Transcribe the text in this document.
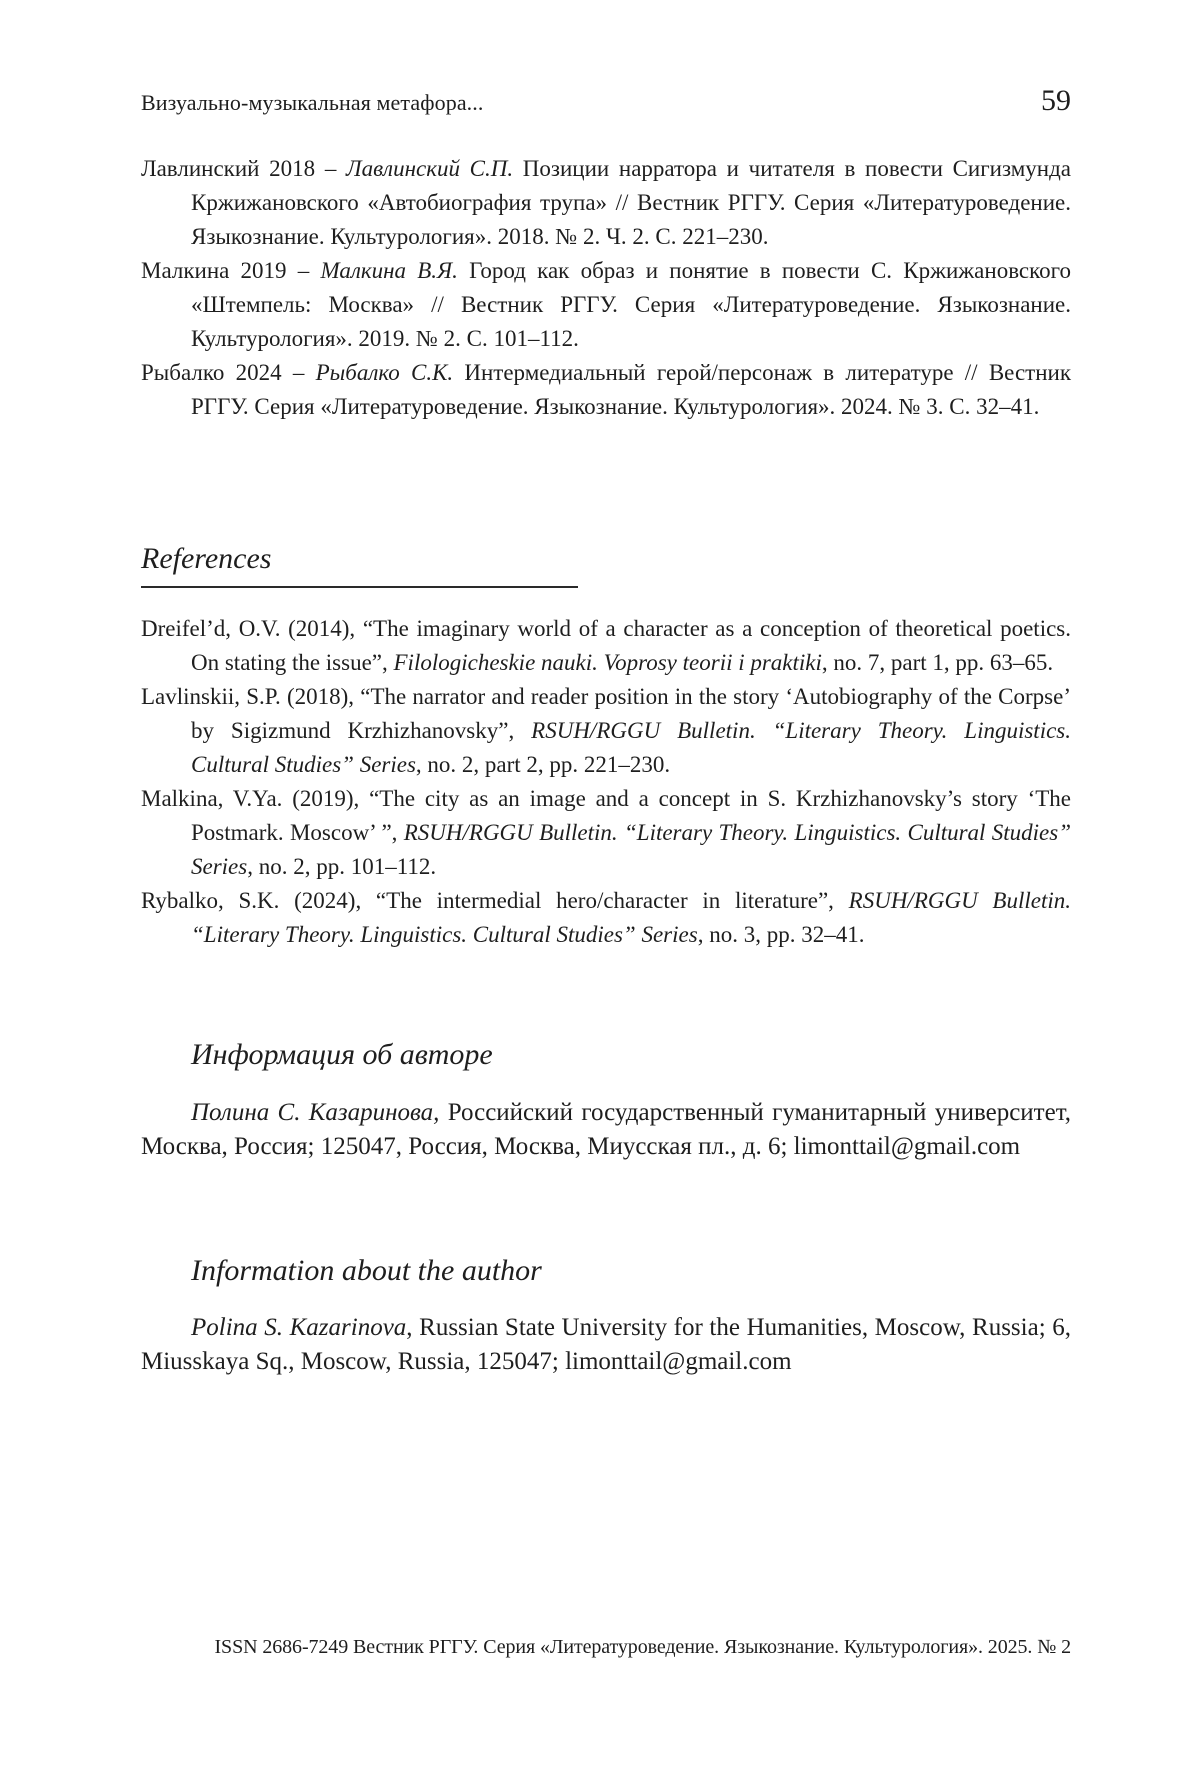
Визуально-музыкальная метафора...	59

Лавлинский 2018 – Лавлинский С.П. Позиции нарратора и читателя в повести Сигизмунда Кржижановского «Автобиография трупа» // Вестник РГГУ. Серия «Литературоведение. Языкознание. Культурология». 2018. № 2. Ч. 2. С. 221–230.

Малкина 2019 – Малкина В.Я. Город как образ и понятие в повести С. Кржи­жановского «Штемпель: Москва» // Вестник РГГУ. Серия «Литературоведение. Языкознание. Культурология». 2019. № 2. С. 101–112.

Рыбалко 2024 – Рыбалко С.К. Интермедиальный герой/персонаж в литературе // Вестник РГГУ. Серия «Литературоведение. Языкознание. Культурология». 2024. № 3. С. 32–41.

References

Dreifel’d, O.V. (2014), “The imaginary world of a character as a conception of theo­retical poetics. On stating the issue”, Filologicheskie nauki. Voprosy teorii i praktiki, no. 7, part 1, pp. 63–65.

Lavlinskii, S.P. (2018), “The narrator and reader position in the story ‘Autobiography of the Corpse’ by Sigizmund Krzhizhanovsky”, RSUH/RGGU Bulletin. “Literary Theory. Linguistics. Cultural Studies” Series, no. 2, part 2, pp. 221–230.

Malkina, V.Ya. (2019), “The city as an image and a concept in S. Krzhizhanovsky’s story ‘The Postmark. Moscow’ ”, RSUH/RGGU Bulletin. “Literary Theory. Linguistics. Cultural Studies” Series, no. 2, pp. 101–112.

Rybalko, S.K. (2024), “The intermedial hero/character in literature”, RSUH/RGGU Bulletin. “Literary Theory. Linguistics. Cultural Studies” Series, no. 3, pp. 32–41.

Информация об авторе

Полина С. Казаринова, Российский государственный гуманитарный университет, Москва, Россия; 125047, Россия, Москва, Миусская пл., д. 6; limonttail@gmail.com

Information about the author

Polina S. Kazarinova, Russian State University for the Humanities, Mos­cow, Russia; 6, Miusskaya Sq., Moscow, Russia, 125047; limonttail@gmail.com

ISSN 2686-7249 Вестник РГГУ. Серия «Литературоведение. Языкознание. Культурология». 2025. № 2
